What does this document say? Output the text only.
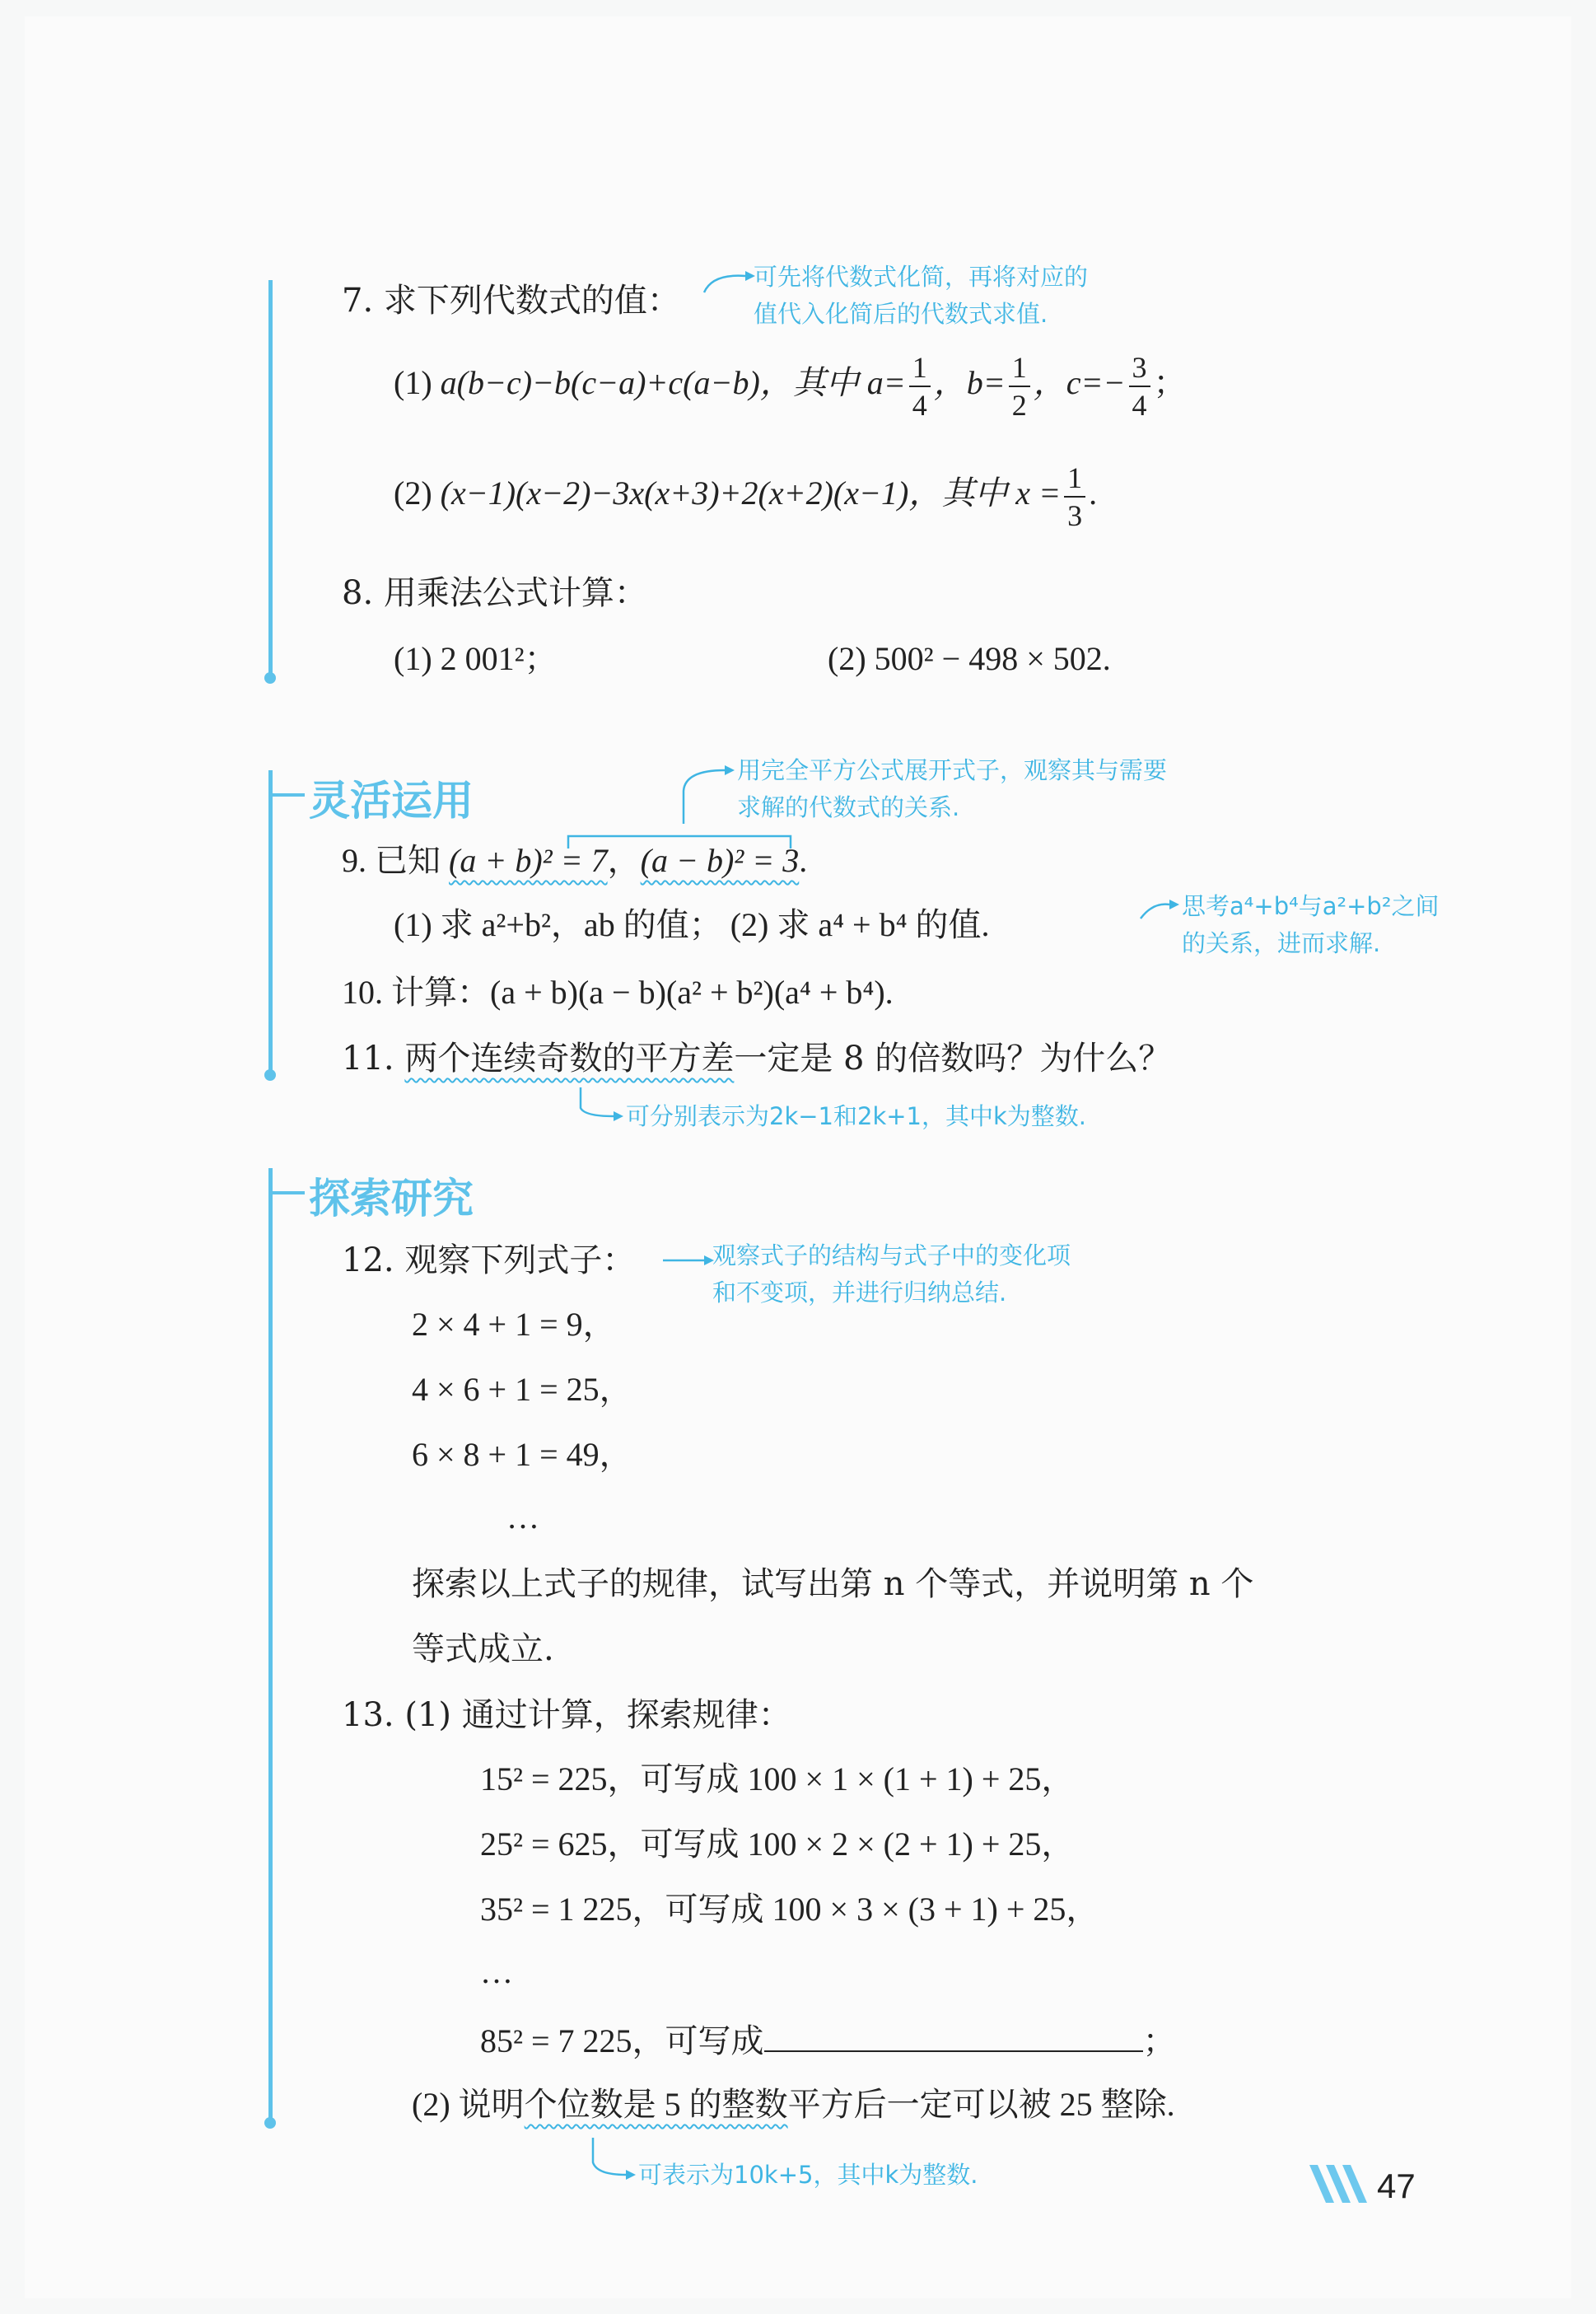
7. 求下列代数式的值：
可先将代数式化简，再将对应的
值代入化简后的代数式求值.
(1) a(b−c)−b(c−a)+c(a−b)，其中 $a= \frac{1}{4}$ ，$b= \frac{1}{2}$ ，$c=- \frac{3}{4}$ ；
(2) (x−1)(x−2)−3x(x+3)+2(x+2)(x−1)，其中 $x = \frac{1}{3}$ .
8. 用乘法公式计算：
(1) 2 001²；	(2) 500² − 498 × 502.
灵活运用
用完全平方公式展开式子，观察其与需要
求解的代数式的关系.
9. 已知 (a + b)² = 7，(a − b)² = 3.
(1) 求 a²+b²，ab 的值； (2) 求 a⁴ + b⁴ 的值.	思考a⁴+b⁴与a²+b²之间
的关系，进而求解.
10. 计算：(a + b)(a − b)(a² + b²)(a⁴ + b⁴).
11. 两个连续奇数的平方差一定是 8 的倍数吗？为什么？
可分别表示为2k−1和2k+1，其中k为整数.
探索研究
12. 观察下列式子：	观察式子的结构与式子中的变化项
和不变项，并进行归纳总结.
2 × 4 + 1 = 9，
4 × 6 + 1 = 25，
6 × 8 + 1 = 49，
…
探索以上式子的规律，试写出第 n 个等式，并说明第 n 个
等式成立.
13. (1) 通过计算，探索规律：
15² = 225，可写成 100 × 1 × (1 + 1) + 25，
25² = 625，可写成 100 × 2 × (2 + 1) + 25，
35² = 1 225，可写成 100 × 3 × (3 + 1) + 25，
…
85² = 7 225，可写成	；
(2) 说明个位数是 5 的整数平方后一定可以被 25 整除.
可表示为10k+5，其中k为整数.	47
